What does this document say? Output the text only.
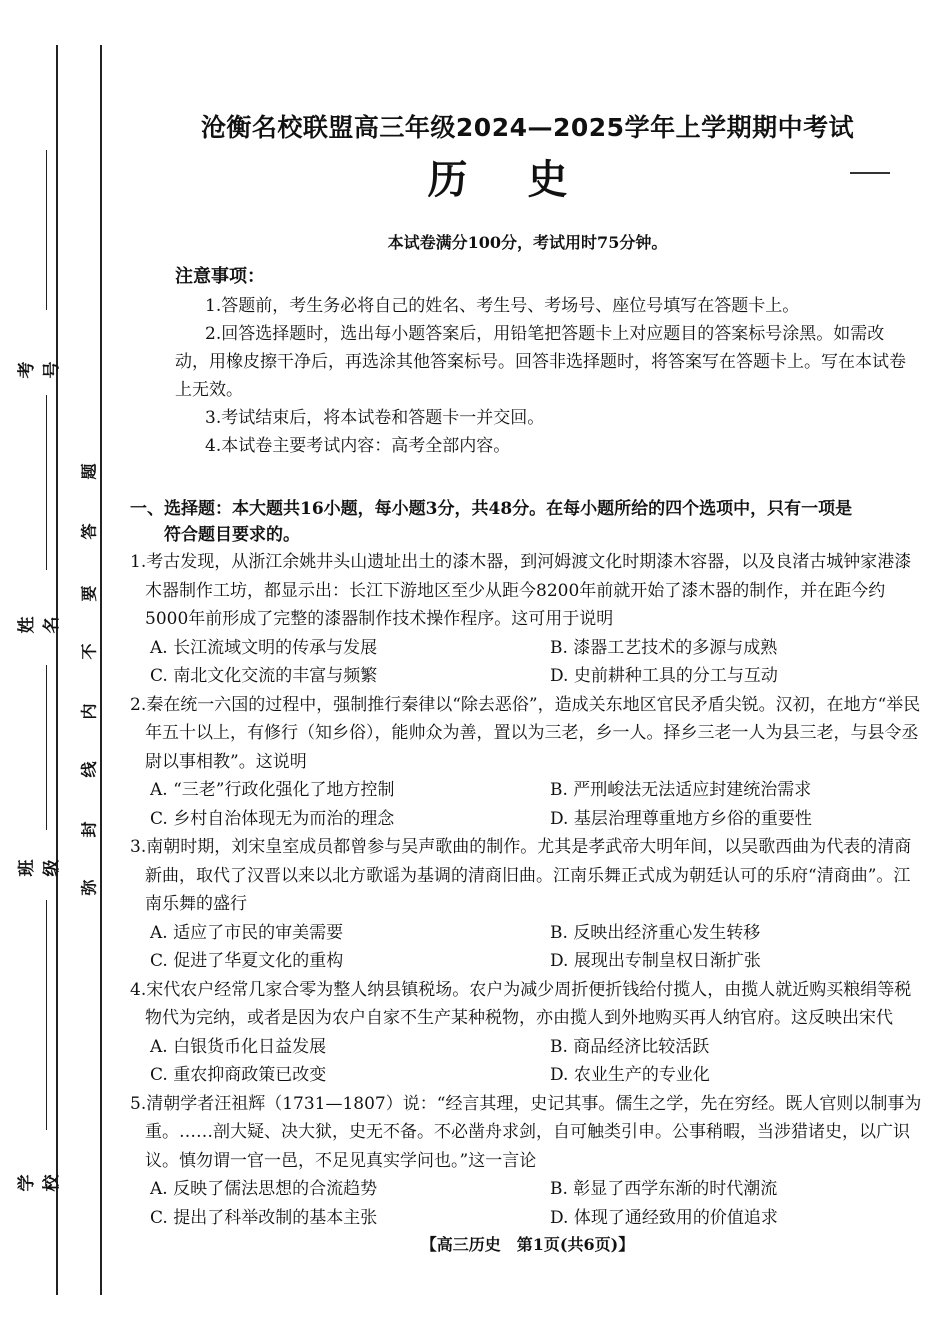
考号
姓名
班级
学校
题
答
要
不
内
线
封
弥
沧衡名校联盟高三年级2024—2025学年上学期期中考试
历史
本试卷满分100分，考试用时75分钟。
注意事项：

1.答题前，考生务必将自己的姓名、考生号、考场号、座位号填写在答题卡上。

2.回答选择题时，选出每小题答案后，用铅笔把答题卡上对应题目的答案标号涂黑。如需改动，用橡皮擦干净后，再选涂其他答案标号。回答非选择题时，将答案写在答题卡上。写在本试卷上无效。

3.考试结束后，将本试卷和答题卡一并交回。

4.本试卷主要考试内容：高考全部内容。

一、选择题：本大题共16小题，每小题3分，共48分。在每小题所给的四个选项中，只有一项是
符合题目要求的。
1.考古发现，从浙江余姚井头山遗址出土的漆木器，到河姆渡文化时期漆木容器，以及良渚古城钟家港漆木器制作工坊，都显示出：长江下游地区至少从距今8200年前就开始了漆木器的制作，并在距今约5000年前形成了完整的漆器制作技术操作程序。这可用于说明
A. 长江流域文明的传承与发展	B. 漆器工艺技术的多源与成熟
C. 南北文化交流的丰富与频繁	D. 史前耕种工具的分工与互动
2.秦在统一六国的过程中，强制推行秦律以“除去恶俗”，造成关东地区官民矛盾尖锐。汉初，在地方“举民年五十以上，有修行（知乡俗），能帅众为善，置以为三老，乡一人。择乡三老一人为县三老，与县令丞尉以事相教”。这说明
A. “三老”行政化强化了地方控制	B. 严刑峻法无法适应封建统治需求
C. 乡村自治体现无为而治的理念	D. 基层治理尊重地方乡俗的重要性
3.南朝时期，刘宋皇室成员都曾参与吴声歌曲的制作。尤其是孝武帝大明年间，以吴歌西曲为代表的清商新曲，取代了汉晋以来以北方歌谣为基调的清商旧曲。江南乐舞正式成为朝廷认可的乐府“清商曲”。江南乐舞的盛行
A. 适应了市民的审美需要	B. 反映出经济重心发生转移
C. 促进了华夏文化的重构	D. 展现出专制皇权日渐扩张
4.宋代农户经常几家合零为整人纳县镇税场。农户为减少周折便折钱给付揽人，由揽人就近购买粮绢等税物代为完纳，或者是因为农户自家不生产某种税物，亦由揽人到外地购买再人纳官府。这反映出宋代
A. 白银货币化日益发展	B. 商品经济比较活跃
C. 重农抑商政策已改变	D. 农业生产的专业化
5.清朝学者汪祖辉（1731—1807）说：“经言其理，史记其事。儒生之学，先在穷经。既人官则以制事为重。……剖大疑、决大狱，史无不备。不必凿舟求剑，自可触类引申。公事稍暇，当涉猎诸史，以广识议。慎勿谓一官一邑，不足见真实学问也。”这一言论
A. 反映了儒法思想的合流趋势	B. 彰显了西学东渐的时代潮流
C. 提出了科举改制的基本主张	D. 体现了通经致用的价值追求
【高三历史　第1页(共6页)】
